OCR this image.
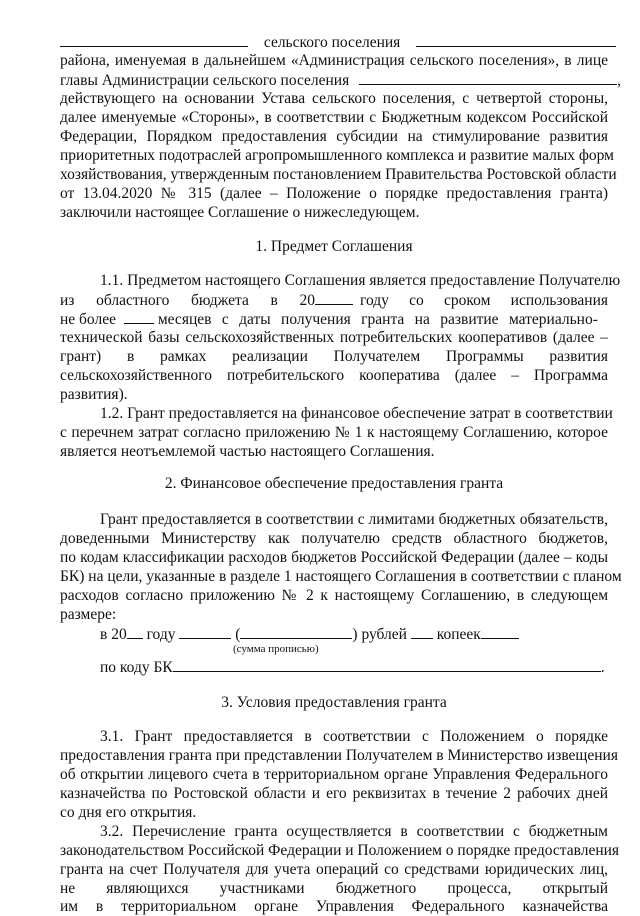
сельского поселения
района, именуемая в дальнейшем «Администрация сельского поселения», в лице
главы Администрации сельского поселения	,
действующего на основании Устава сельского поселения, с четвертой стороны,
далее именуемые «Стороны», в соответствии с Бюджетным кодексом Российской
Федерации, Порядком предоставления субсидии на стимулирование развития
приоритетных подотраслей агропромышленного комплекса и развитие малых форм
хозяйствования, утвержденным постановлением Правительства Ростовской области
от 13.04.2020 № 315 (далее – Положение о порядке предоставления гранта)
заключили настоящее Соглашение о нижеследующем.
1. Предмет Соглашения
1.1. Предметом настоящего Соглашения является предоставление Получателю
из областного бюджета в 20	году со сроком использования
не более	месяцев с даты получения гранта на развитие материально-
технической базы сельскохозяйственных потребительских кооперативов (далее –
грант) в рамках реализации Получателем Программы развития
сельскохозяйственного потребительского кооператива (далее – Программа
развития).
1.2. Грант предоставляется на финансовое обеспечение затрат в соответствии
с перечнем затрат согласно приложению № 1 к настоящему Соглашению, которое
является неотъемлемой частью настоящего Соглашения.
2. Финансовое обеспечение предоставления гранта
Грант предоставляется в соответствии с лимитами бюджетных обязательств,
доведенными Министерству как получателю средств областного бюджетов,
по кодам классификации расходов бюджетов Российской Федерации (далее – коды
БК) на цели, указанные в разделе 1 настоящего Соглашения в соответствии с планом
расходов согласно приложению № 2 к настоящему Соглашению, в следующем
размере:
в 20 году	(	) рублей копеек
(сумма прописью)
по коду БК	.
3. Условия предоставления гранта
3.1. Грант предоставляется в соответствии с Положением о порядке
предоставления гранта при представлении Получателем в Министерство извещения
об открытии лицевого счета в территориальном органе Управления Федерального
казначейства по Ростовской области и его реквизитах в течение 2 рабочих дней
со дня его открытия.
3.2. Перечисление гранта осуществляется в соответствии с бюджетным
законодательством Российской Федерации и Положением о порядке предоставления
гранта на счет Получателя для учета операций со средствами юридических лиц,
не являющихся участниками бюджетного процесса, открытый
им в территориальном органе Управления Федерального казначейства
